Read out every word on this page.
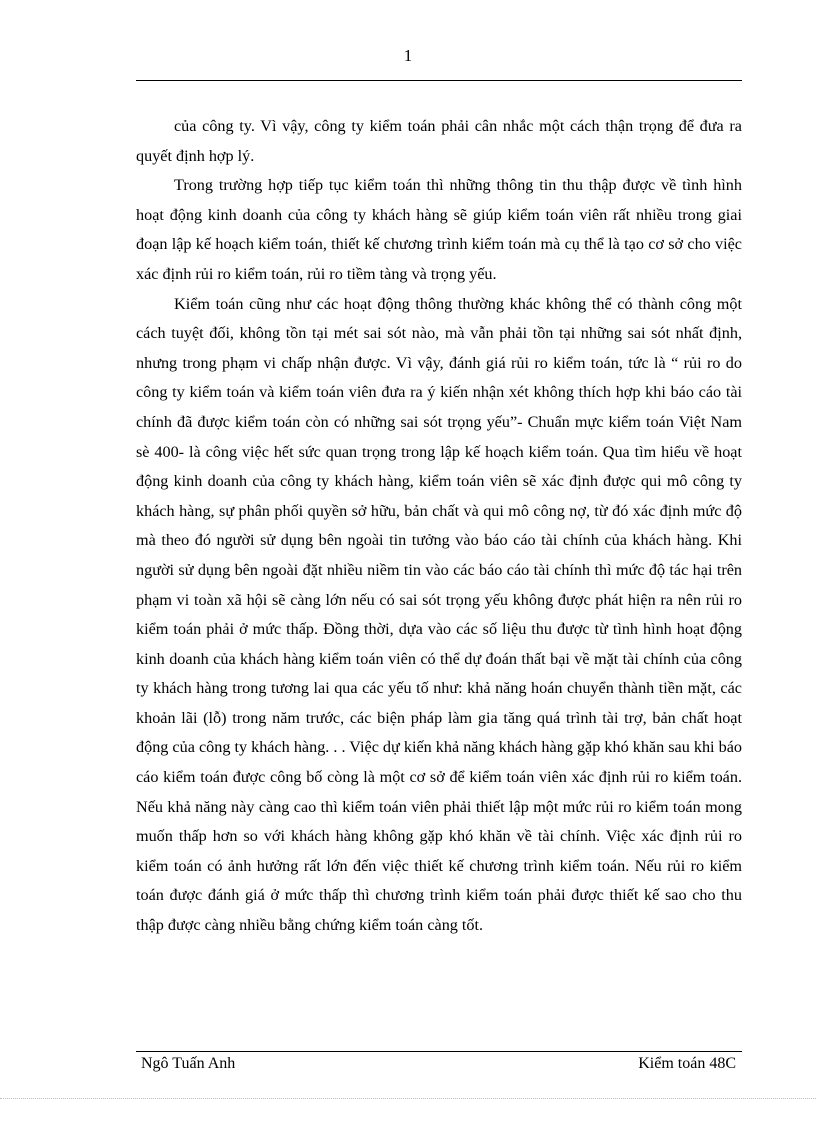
1

của công ty. Vì vậy, công ty kiểm toán phải cân nhắc một cách thận trọng để đưa ra quyết định hợp lý.

Trong trường hợp tiếp tục kiểm toán thì những thông tin thu thập được về tình hình hoạt động kinh doanh của công ty khách hàng sẽ giúp kiểm toán viên rất nhiều trong giai đoạn lập kế hoạch kiểm toán, thiết kế chương trình kiểm toán mà cụ thể là tạo cơ sở cho việc xác định rủi ro kiểm toán, rủi ro tiềm tàng và trọng yếu.

Kiểm toán cũng như các hoạt động thông thường khác không thể có thành công một cách tuyệt đối, không tồn tại mét sai sót nào, mà vẫn phải tồn tại những sai sót nhất định, nhưng trong phạm vi chấp nhận được. Vì vậy, đánh giá rủi ro kiểm toán, tức là “ rủi ro do công ty kiểm toán và kiểm toán viên đưa ra ý kiến nhận xét không thích hợp khi báo cáo tài chính đã được kiểm toán còn có những sai sót trọng yếu”- Chuẩn mực kiểm toán Việt Nam sè 400- là công việc hết sức quan trọng trong lập kế hoạch kiểm toán. Qua tìm hiểu về hoạt động kinh doanh của công ty khách hàng, kiểm toán viên sẽ xác định được qui mô công ty khách hàng, sự phân phối quyền sở hữu, bản chất và qui mô công nợ, từ đó xác định mức độ mà theo đó người sử dụng bên ngoài tin tưởng vào báo cáo tài chính của khách hàng. Khi người sử dụng bên ngoài đặt nhiều niềm tin vào các báo cáo tài chính thì mức độ tác hại trên phạm vi toàn xã hội sẽ càng lớn nếu có sai sót trọng yếu không được phát hiện ra nên rủi ro kiểm toán phải ở mức thấp. Đồng thời, dựa vào các số liệu thu được từ tình hình hoạt động kinh doanh của khách hàng kiểm toán viên có thể dự đoán thất bại về mặt tài chính của công ty khách hàng trong tương lai qua các yếu tố như: khả năng hoán chuyển thành tiền mặt, các khoản lãi (lỗ) trong năm trước, các biện pháp làm gia tăng quá trình tài trợ, bản chất hoạt động của công ty khách hàng. . . Việc dự kiến khả năng khách hàng gặp khó khăn sau khi báo cáo kiểm toán được công bố còng là một cơ sở để kiểm toán viên xác định rủi ro kiểm toán. Nếu khả năng này càng cao thì kiểm toán viên phải thiết lập một mức rủi ro kiểm toán mong muốn thấp hơn so với khách hàng không gặp khó khăn về tài chính. Việc xác định rủi ro kiểm toán có ảnh hưởng rất lớn đến việc thiết kế chương trình kiểm toán. Nếu rủi ro kiểm toán được đánh giá ở mức thấp thì chương trình kiểm toán phải được thiết kế sao cho thu thập được càng nhiều bằng chứng kiểm toán càng tốt.

Ngô Tuấn Anh	Kiểm toán 48C
